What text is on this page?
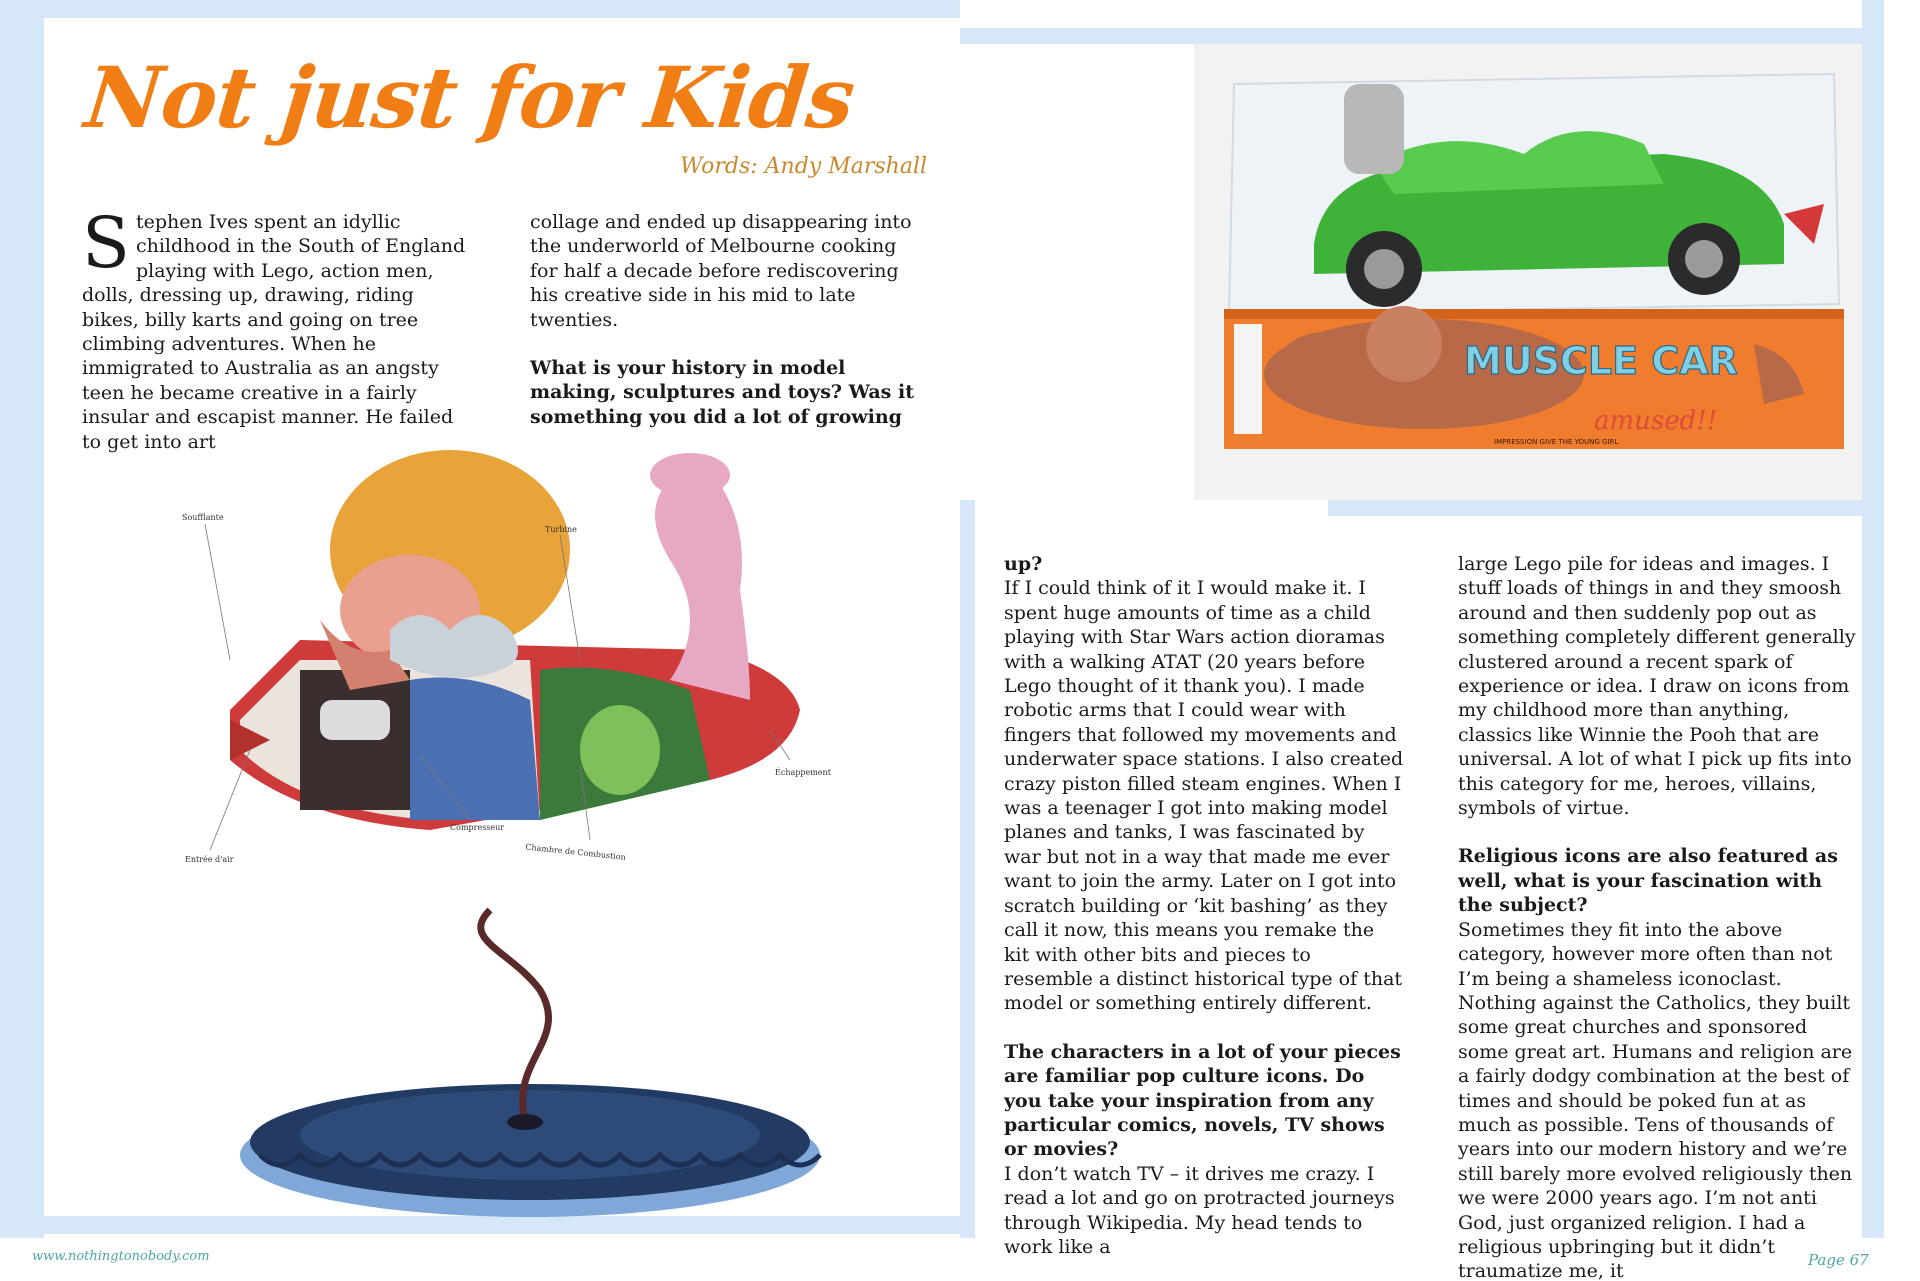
Not just for Kids
Words: Andy Marshall

Stephen Ives spent an idyllic childhood in the South of England playing with Lego, action men, dolls, dressing up, drawing, riding bikes, billy karts and going on tree climbing adventures. When he immigrated to Australia as an angsty teen he became creative in a fairly insular and escapist manner. He failed to get into art

collage and ended up disappearing into the underworld of Melbourne cooking for half a decade before rediscovering his creative side in his mid to late twenties.

What is your history in model making, sculptures and toys? Was it something you did a lot of growing

Soufflante
Turbine
Échappement
Compresseur
Chambre de Combustion
Entrée d'air
MUSCLE CAR
amused!!
IMPRESSION GIVE THE YOUNG GIRL

up?

If I could think of it I would make it. I spent huge amounts of time as a child playing with Star Wars action dioramas with a walking ATAT (20 years before Lego thought of it thank you). I made robotic arms that I could wear with fingers that followed my movements and underwater space stations. I also created crazy piston filled steam engines. When I was a teenager I got into making model planes and tanks, I was fascinated by war but not in a way that made me ever want to join the army. Later on I got into scratch building or ‘kit bashing’ as they call it now, this means you remake the kit with other bits and pieces to resemble a distinct historical type of that model or something entirely different.

The characters in a lot of your pieces are familiar pop culture icons. Do you take your inspiration from any particular comics, novels, TV shows or movies?

I don’t watch TV – it drives me crazy. I read a lot and go on protracted journeys through Wikipedia. My head tends to work like a

large Lego pile for ideas and images. I stuff loads of things in and they smoosh around and then suddenly pop out as something completely different generally clustered around a recent spark of experience or idea. I draw on icons from my childhood more than anything, classics like Winnie the Pooh that are universal. A lot of what I pick up fits into this category for me, heroes, villains, symbols of virtue.

Religious icons are also featured as well, what is your fascination with the subject?

Sometimes they fit into the above category, however more often than not I’m being a shameless iconoclast. Nothing against the Catholics, they built some great churches and sponsored some great art. Humans and religion are a fairly dodgy combination at the best of times and should be poked fun at as much as possible. Tens of thousands of years into our modern history and we’re still barely more evolved religiously then we were 2000 years ago. I’m not anti God, just organized religion. I had a religious upbringing but it didn’t traumatize me, it

www.nothingtonobody.com	Page 67
